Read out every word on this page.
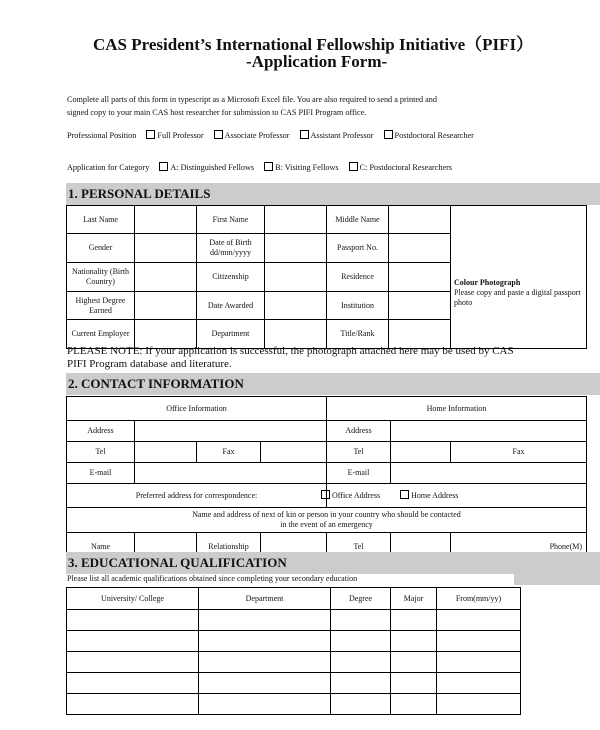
CAS President’s International Fellowship Initiative（PIFI）
-Application Form-
Complete all parts of this form in typescript as a Microsoft Excel file. You are also required to send a printed and
signed copy to your main CAS host researcher for submission to CAS PIFI Program office.
Professional Position	Full Professor	Associate Professor	Assistant Professor	Postdoctoral Researcher
Application for Category	A: Distinguished Fellows	B: Visiting Fellows	C: Postdoctoral Researchers
1. PERSONAL DETAILS
Last Name		First Name		Middle Name		Colour Photograph
Please copy and paste a digital passport photo
Gender		Date of Birth dd/mm/yyyy		Passport No.		
Nationality (Birth Country)		Citizenship		Residence		
Highest Degree Earned		Date Awarded		Institution		
Current Employer		Department		Title/Rank		
PLEASE NOTE: If your application is successful, the photograph attached here may be used by CAS PIFI Program database and literature.
2. CONTACT INFORMATION
Office Information				Home Information		
Address				Address		
Tel		Fax		Tel		Fax
E-mail				E-mail		
Preferred address for correspondence:				Office Address Home Address		

Name and address of next of kin or person in your country who should be contacted
in the event of an emergency						

Name		Relationship		Tel		Phone(M)
3. EDUCATIONAL QUALIFICATION
Please list all academic qualifications obtained since completing your secondary education
University/ College	Department	Degree	Major	From(mm/yy)
